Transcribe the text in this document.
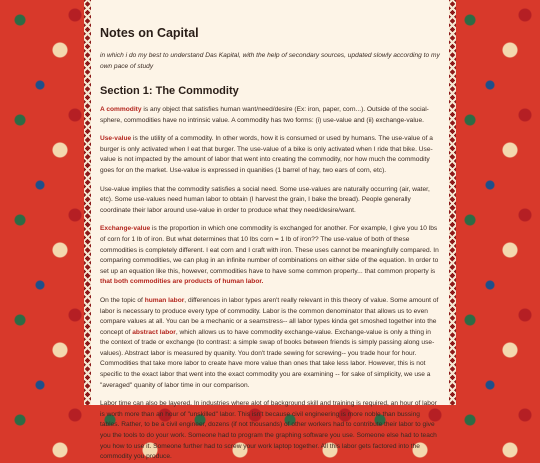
Notes on Capital
in which i do my best to understand Das Kapital, with the help of secondary sources, updated slowly according to my own pace of study
Section 1: The Commodity

A commodity is any object that satisfies human want/need/desire (Ex: iron, paper, corn...). Outside of the social-sphere, commodities have no intrinsic value. A commodity has two forms: (i) use-value and (ii) exchange-value.

Use-value is the utility of a commodity. In other words, how it is consumed or used by humans. The use-value of a burger is only activated when I eat that burger. The use-value of a bike is only activated when I ride that bike. Use-value is not impacted by the amount of labor that went into creating the commodity, nor how much the commodity goes for on the market. Use-value is expressed in quanities (1 barrel of hay, two ears of corn, etc).

Use-value implies that the commodity satisfies a social need. Some use-values are naturally occurring (air, water, etc). Some use-values need human labor to obtain (I harvest the grain, I bake the bread). People generally coordinate their labor around use-value in order to produce what they need/desire/want.

Exchange-value is the proportion in which one commodity is exchanged for another. For example, I give you 10 lbs of corn for 1 lb of iron. But what determines that 10 lbs corn = 1 lb of iron?? The use-value of both of these commodities is completely different. I eat corn and I craft with iron. These uses cannot be meaningfully compared. In comparing commodities, we can plug in an infinite number of combinations on either side of the equation. In order to set up an equation like this, however, commodities have to have some common property... that common property is that both commodities are products of human labor.

On the topic of human labor, differences in labor types aren't really relevant in this theory of value. Some amount of labor is necessary to produce every type of commodity. Labor is the common denominator that allows us to even compare values at all. You can be a mechanic or a seamstress-- all labor types kinda get smoshed together into the concept of abstract labor, which allows us to have commodity exchange-value. Exchange-value is only a thing in the context of trade or exchange (to contrast: a simple swap of books between friends is simply passing along use-values). Abstract labor is measured by quanity. You don't trade sewing for screwing-- you trade hour for hour. Commodities that take more labor to create have more value than ones that take less labor. However, this is not specific to the exact labor that went into the exact commodity you are examining -- for sake of simplicity, we use a "averaged" quanity of labor time in our comparison.

Labor time can also be layered. In industries where alot of background skill and training is required, an hour of labor is worth more than an hour of "unskilled" labor. This isn't because civil engineering is more noble than bussing tables. Rather, to be a civil engineer, dozens (if not thousands) of other workers had to contribute their labor to give you the tools to do your work. Someone had to program the graphing software you use. Someone else had to teach you how to use it. Someone further had to screw your work laptop together. All this labor gets factored into the commodity you produce.
